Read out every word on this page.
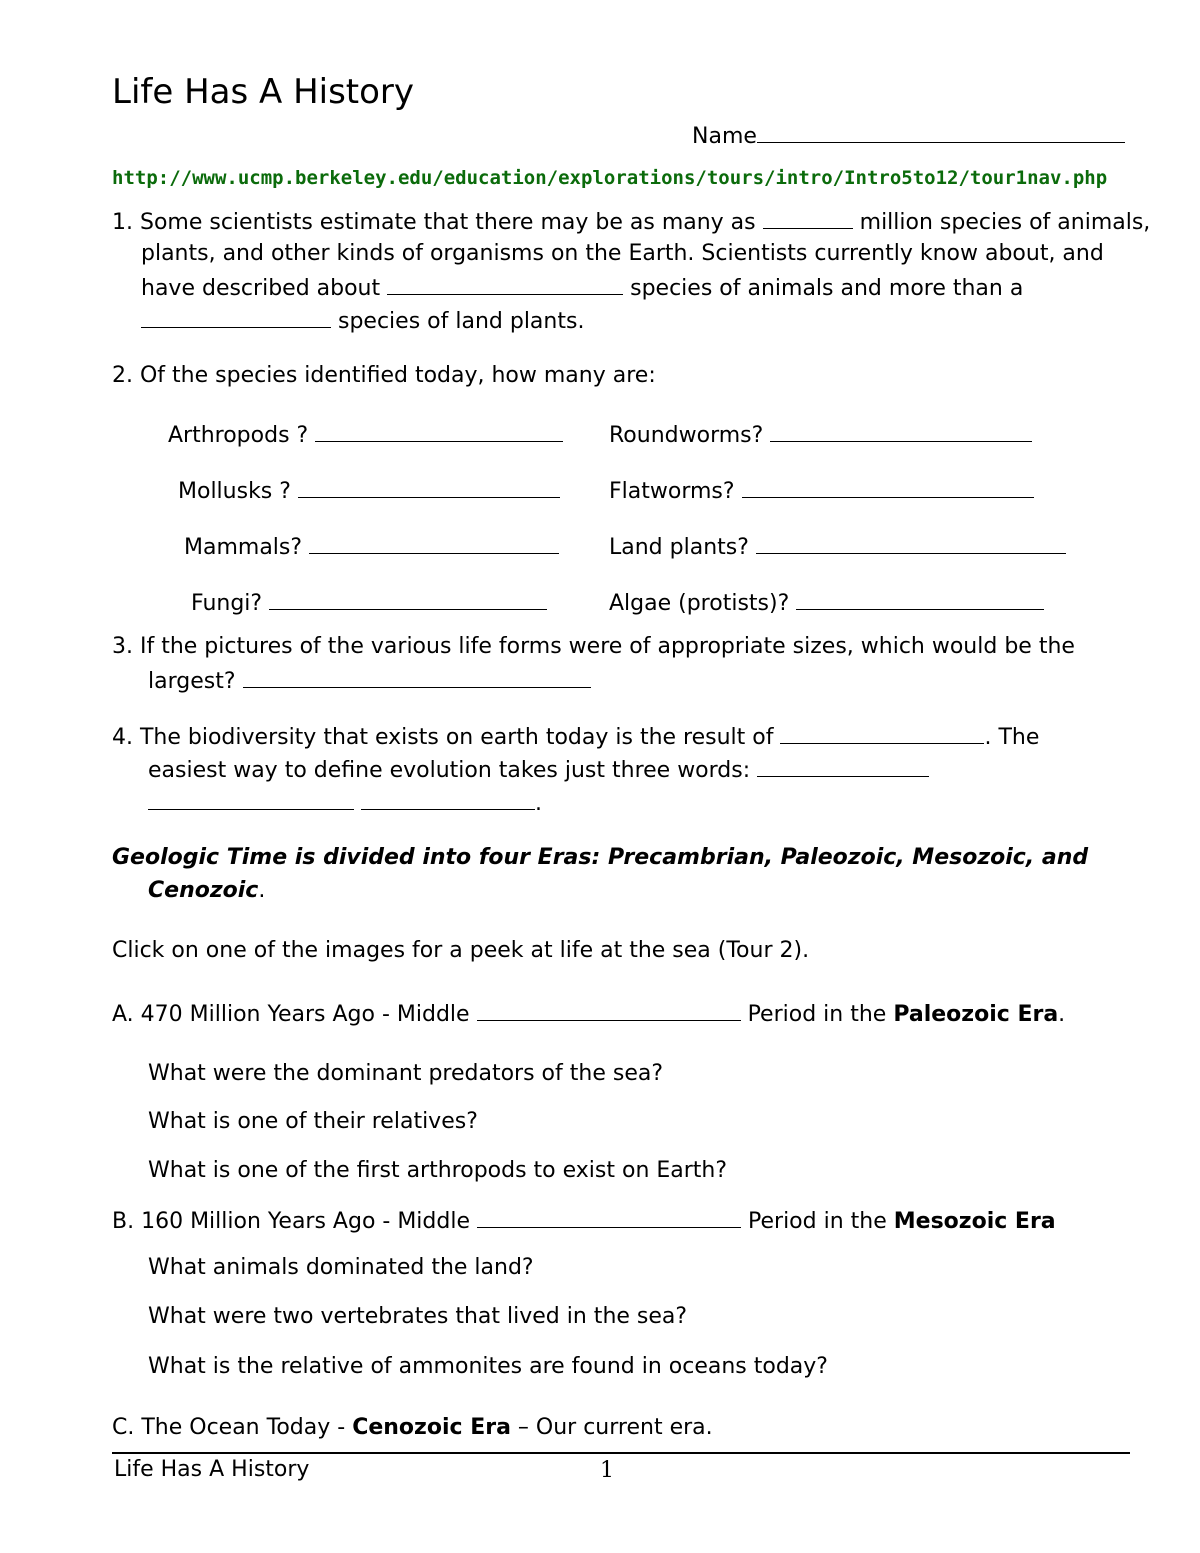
Life Has A History
Name
http://www.ucmp.berkeley.edu/education/explorations/tours/intro/Intro5to12/tour1nav.php
1. Some scientists estimate that there may be as many as	million species of animals,
plants, and other kinds of organisms on the Earth. Scientists currently know about, and
have described about	species of animals and more than a
species of land plants.
2. Of the species identified today, how many are:
Arthropods ?	Roundworms?
Mollusks ?	Flatworms?
Mammals?	Land plants?
Fungi?	Algae (protists)?
3. If the pictures of the various life forms were of appropriate sizes, which would be the
largest?
4. The biodiversity that exists on earth today is the result of	. The
easiest way to define evolution takes just three words:
.
Geologic Time is divided into four Eras: Precambrian, Paleozoic, Mesozoic, and
Cenozoic.
Click on one of the images for a peek at life at the sea (Tour 2).
A. 470 Million Years Ago - Middle	Period in the Paleozoic Era.
What were the dominant predators of the sea?
What is one of their relatives?
What is one of the first arthropods to exist on Earth?
B. 160 Million Years Ago - Middle	Period in the Mesozoic Era
What animals dominated the land?
What were two vertebrates that lived in the sea?
What is the relative of ammonites are found in oceans today?
C. The Ocean Today - Cenozoic Era – Our current era.
Life Has A History	1
